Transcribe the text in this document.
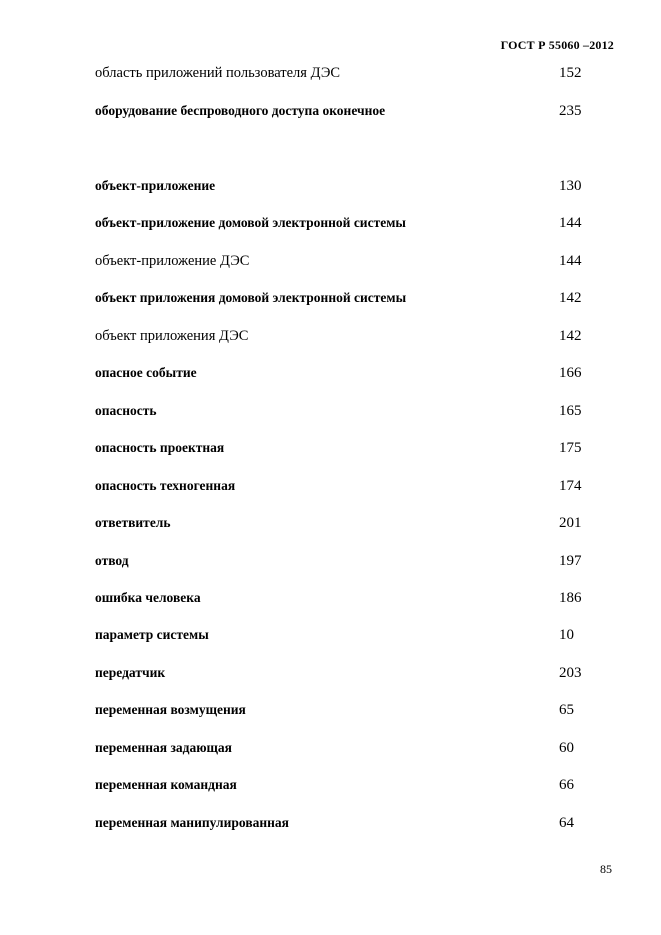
ГОСТ Р 55060 –2012
область приложений пользователя ДЭС	152
оборудование беспроводного доступа оконечное	235
объект-приложение	130
объект-приложение домовой электронной системы	144
объект-приложение ДЭС	144
объект приложения домовой электронной системы	142
объект приложения ДЭС	142
опасное событие	166
опасность	165
опасность проектная	175
опасность техногенная	174
ответвитель	201
отвод	197
ошибка человека	186
параметр системы	10
передатчик	203
переменная возмущения	65
переменная задающая	60
переменная командная	66
переменная манипулированная	64
85
